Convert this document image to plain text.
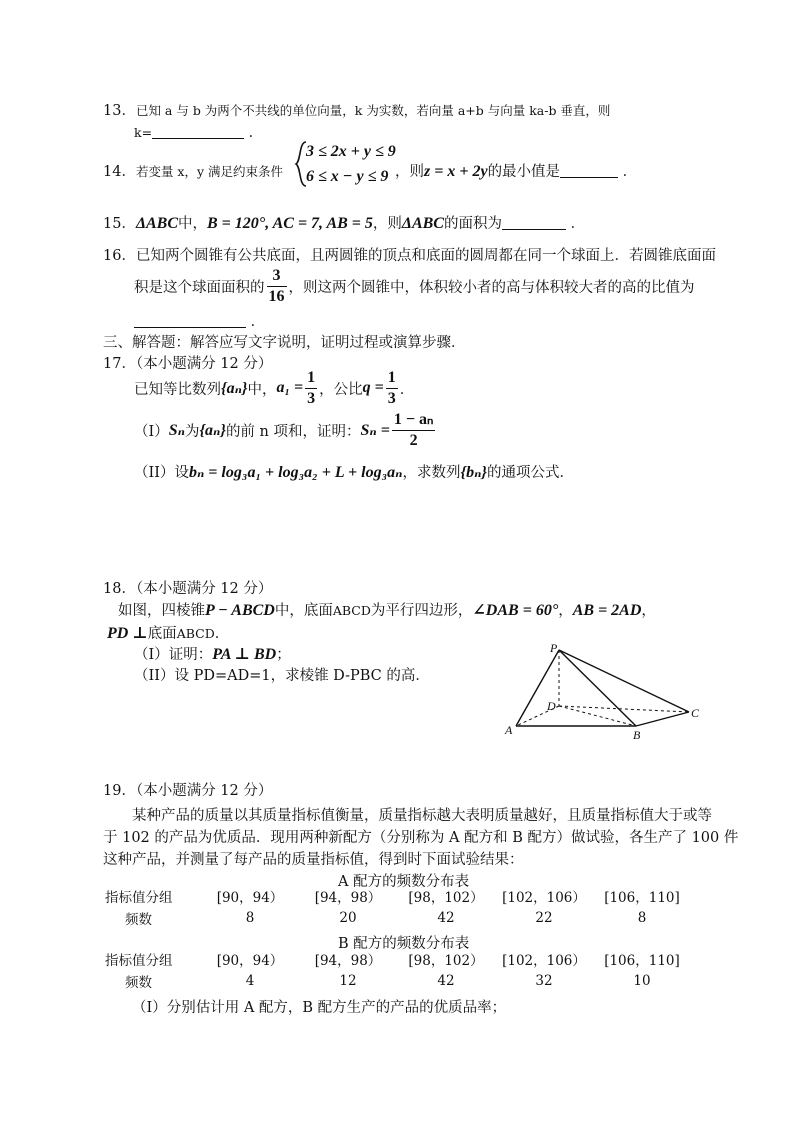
13．已知 a 与 b 为两个不共线的单位向量，k 为实数，若向量 a+b 与向量 ka-b 垂直，则
k=	．
14．若变量 x，y 满足约束条件
3 ≤ 2x + y ≤ 9
6 ≤ x − y ≤ 9 ，则z = x + 2y的最小值是	．
15．ΔABC中，B = 120°, AC = 7, AB = 5，则ΔABC的面积为	．
16．已知两个圆锥有公共底面，且两圆锥的顶点和底面的圆周都在同一个球面上．若圆锥底面面
积是这个球面面积的 $\frac{3}{16}$ ，则这两个圆锥中，体积较小者的高与体积较大者的高的比值为
．
三、解答题：解答应写文字说明，证明过程或演算步骤．
17．（本小题满分 12 分）
已知等比数列 {aₙ} 中， $a_1 = \frac{1}{3}$ ，公比 $q = \frac{1}{3}$ ．
（I） Sₙ 为 {aₙ} 的前 n 项和，证明： $S_n = \frac{\text{1 − aₙ}}{2}$
（II）设bₙ = log₃a₁ + log₃a₂ + L + log₃aₙ，求数列{bₙ}的通项公式．
18．（本小题满分 12 分）
如图，四棱锥P − ABCD中，底面ABCD为平行四边形，∠DAB = 60°，AB = 2AD，
PD ⊥底面ABCD．
（I）证明：PA ⊥ BD；
（II）设 PD=AD=1，求棱锥 D-PBC 的高．
P
D
A	B
C
19．（本小题满分 12 分）
某种产品的质量以其质量指标值衡量，质量指标越大表明质量越好，且质量指标值大于或等
于 102 的产品为优质品．现用两种新配方（分别称为 A 配方和 B 配方）做试验，各生产了 100 件
这种产品，并测量了每产品的质量指标值，得到时下面试验结果：
A 配方的频数分布表
指标值分组	[90，94）	[94，98）	[98，102）	[102，106）	[106，110]
频数	8	20	42	22	8
B 配方的频数分布表
指标值分组	[90，94）	[94，98）	[98，102）	[102，106）	[106，110]
频数	4	12	42	32	10
（I）分别估计用 A 配方，B 配方生产的产品的优质品率；
